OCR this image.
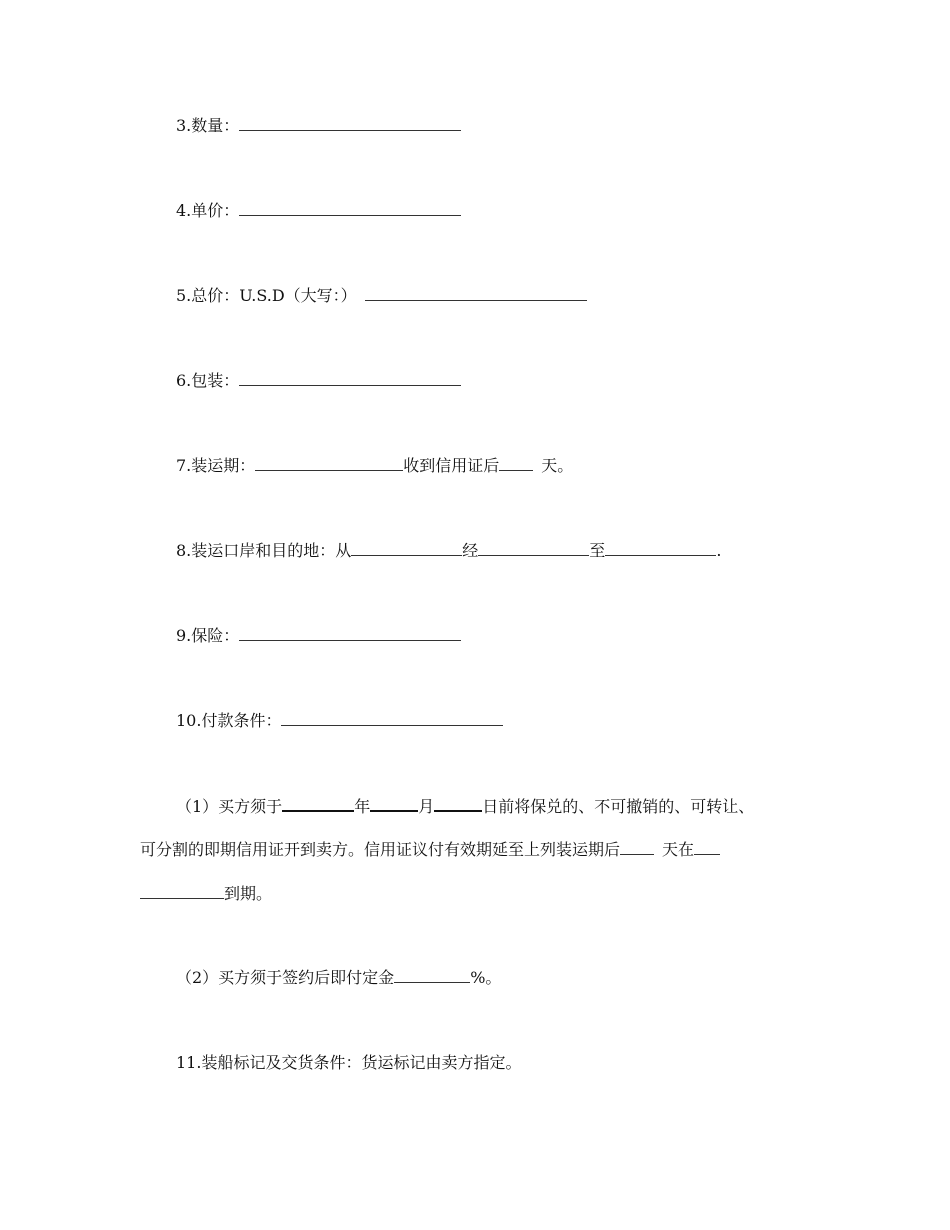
3.数量：
4.单价：
5.总价：U.S.D（大写：）
6.包装：
7.装运期：	收到信用证后	天。
8.装运口岸和目的地：从	经	至	.
9.保险：
10.付款条件：
（1）买方须于	年	月	日前将保兑的、不可撤销的、可转让、
可分割的即期信用证开到卖方。信用证议付有效期延至上列装运期后	天在
到期。
（2）买方须于签约后即付定金	%。
11.装船标记及交货条件：货运标记由卖方指定。
